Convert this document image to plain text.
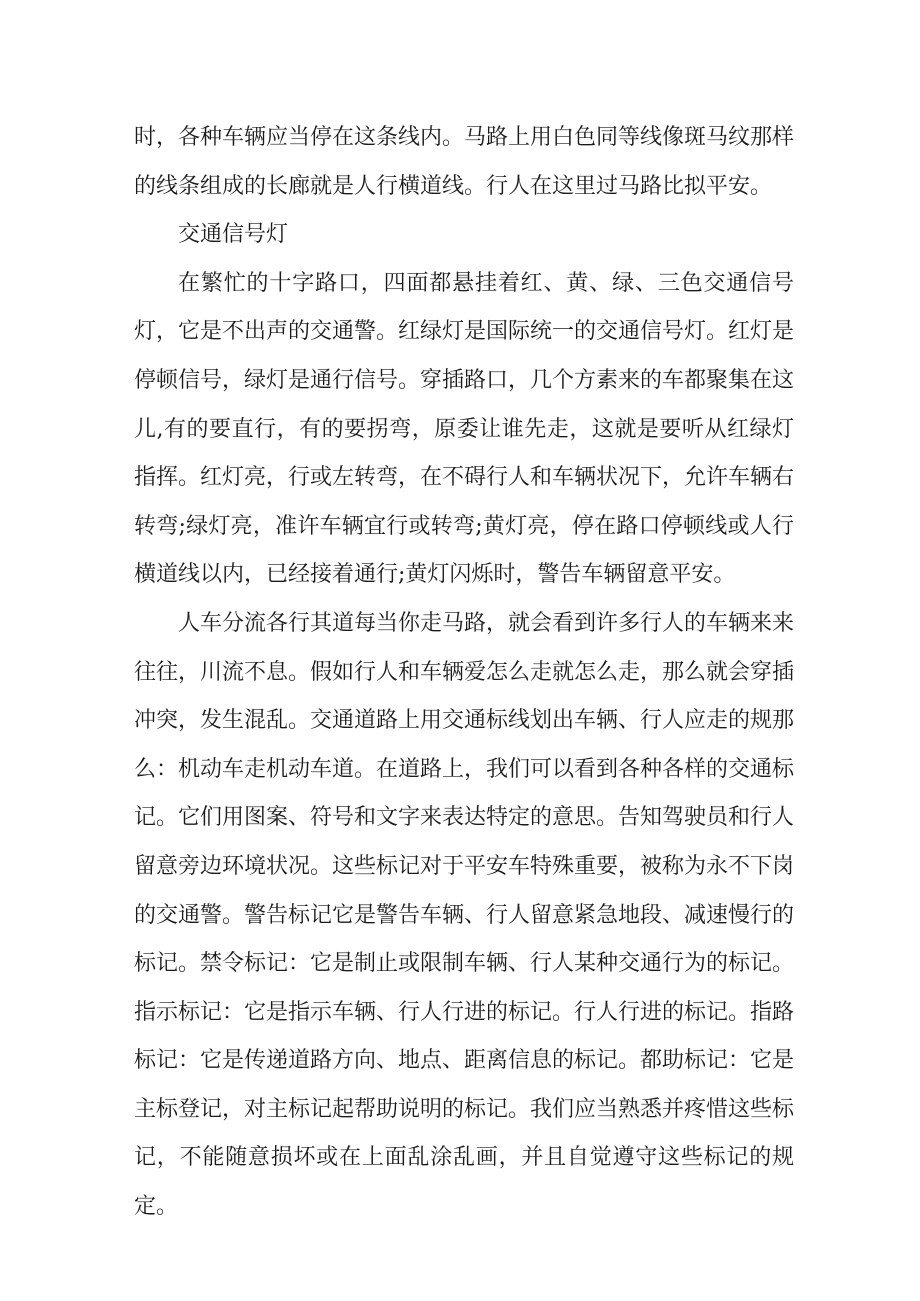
时，各种车辆应当停在这条线内。马路上用白色同等线像斑马纹那样的线条组成的长廊就是人行横道线。行人在这里过马路比拟平安。

交通信号灯

在繁忙的十字路口，四面都悬挂着红、黄、绿、三色交通信号灯，它是不出声的交通警。红绿灯是国际统一的交通信号灯。红灯是停顿信号，绿灯是通行信号。穿插路口，几个方素来的车都聚集在这儿,有的要直行，有的要拐弯，原委让谁先走，这就是要听从红绿灯指挥。红灯亮，行或左转弯，在不碍行人和车辆状况下，允许车辆右转弯;绿灯亮，准许车辆宜行或转弯;黄灯亮，停在路口停顿线或人行横道线以内，已经接着通行;黄灯闪烁时，警告车辆留意平安。

人车分流各行其道每当你走马路，就会看到许多行人的车辆来来往往，川流不息。假如行人和车辆爱怎么走就怎么走，那么就会穿插冲突，发生混乱。交通道路上用交通标线划出车辆、行人应走的规那么：机动车走机动车道。在道路上，我们可以看到各种各样的交通标记。它们用图案、符号和文字来表达特定的意思。告知驾驶员和行人留意旁边环境状况。这些标记对于平安车特殊重要，被称为永不下岗的交通警。警告标记它是警告车辆、行人留意紧急地段、减速慢行的标记。禁令标记：它是制止或限制车辆、行人某种交通行为的标记。指示标记：它是指示车辆、行人行进的标记。行人行进的标记。指路标记：它是传递道路方向、地点、距离信息的标记。都助标记：它是主标登记，对主标记起帮助说明的标记。我们应当熟悉并疼惜这些标记，不能随意损坏或在上面乱涂乱画，并且自觉遵守这些标记的规定。
